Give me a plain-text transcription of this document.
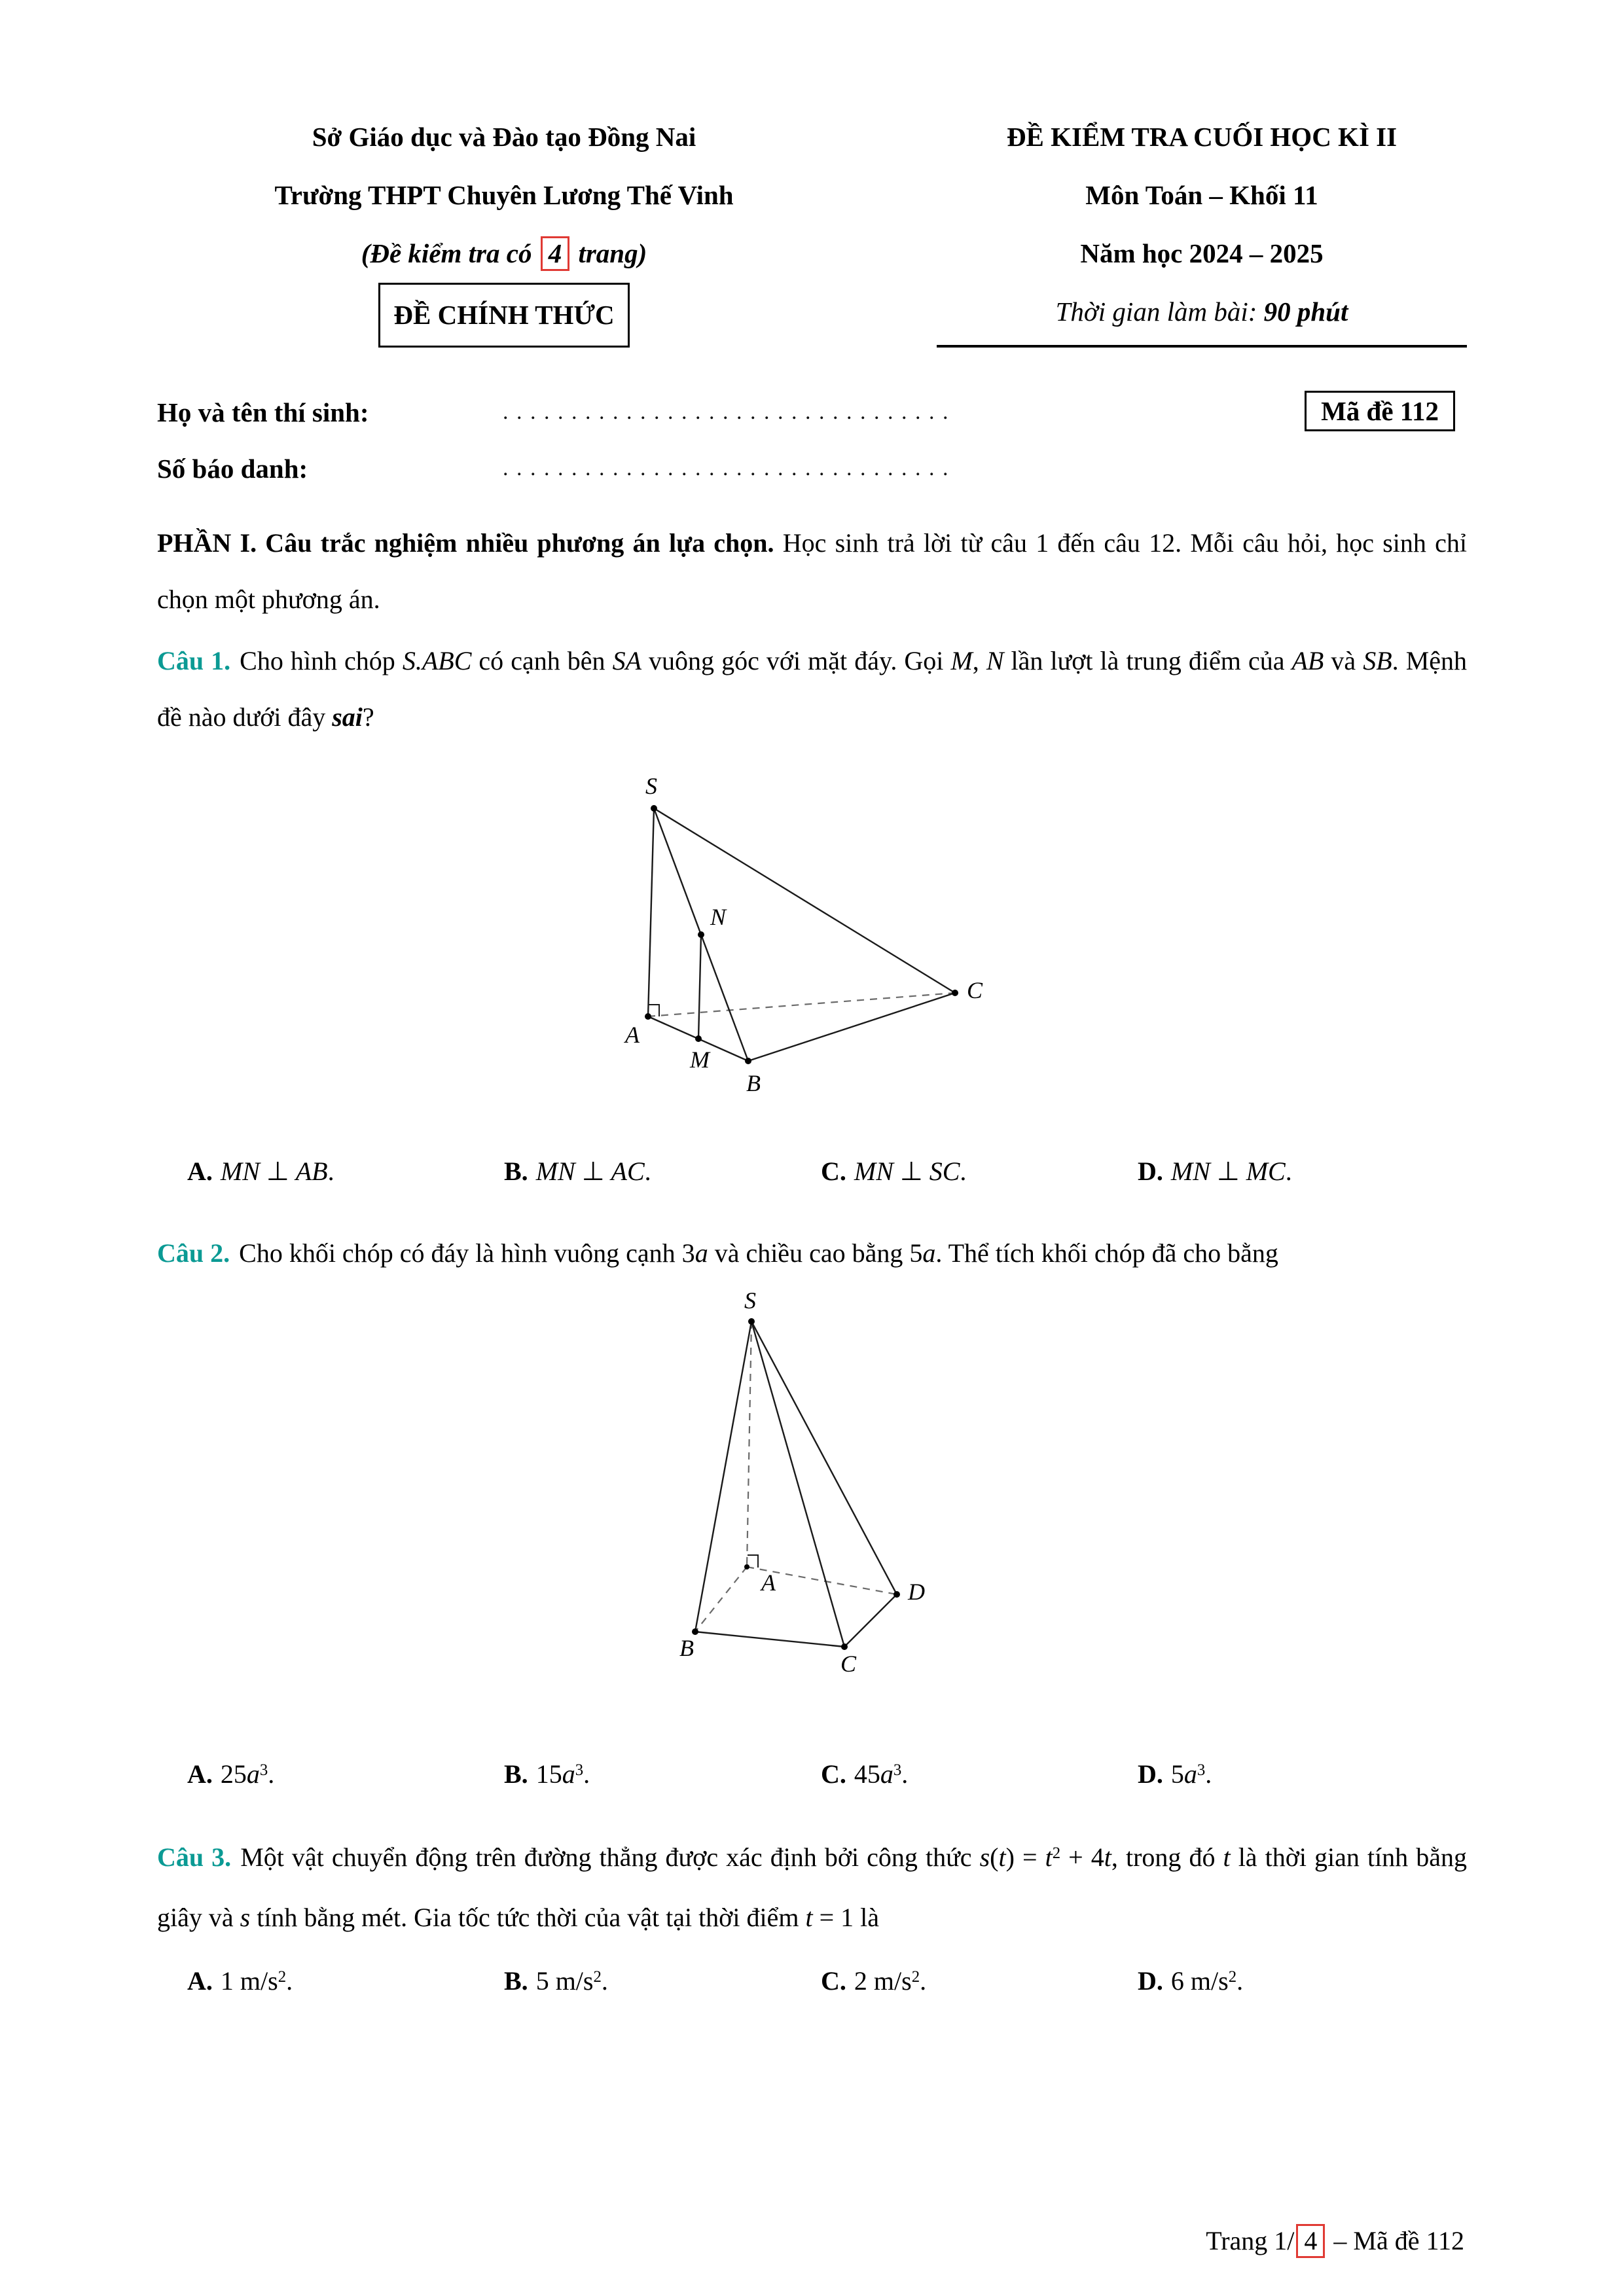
Sở Giáo dục và Đào tạo Đồng Nai
Trường THPT Chuyên Lương Thế Vinh
(Đề kiểm tra có 4 trang)
ĐỀ CHÍNH THỨC
ĐỀ KIỂM TRA CUỐI HỌC KÌ II
Môn Toán – Khối 11
Năm học 2024 – 2025
Thời gian làm bài: 90 phút
Họ và tên thí sinh:	. . . . . . . . . . . . . . . . . . . . . . . . . . . . . . . . .
Số báo danh:	. . . . . . . . . . . . . . . . . . . . . . . . . . . . . . . . .
Mã đề 112
PHẦN I. Câu trắc nghiệm nhiều phương án lựa chọn. Học sinh trả lời từ câu 1 đến câu 12. Mỗi câu hỏi, học sinh chỉ chọn một phương án.
Câu 1. Cho hình chóp S.ABC có cạnh bên SA vuông góc với mặt đáy. Gọi M, N lần lượt là trung điểm của AB và SB. Mệnh đề nào dưới đây sai?
S
A
M
B
C
N
A. MN ⊥ AB.	B. MN ⊥ AC.	C. MN ⊥ SC.	D. MN ⊥ MC.
Câu 2. Cho khối chóp có đáy là hình vuông cạnh 3a và chiều cao bằng 5a. Thể tích khối chóp đã cho bằng
S
A
B
C
D
A. $25a^3$.	B. $15a^3$.	C. $45a^3$.	D. $5a^3$.
Câu 3. Một vật chuyển động trên đường thẳng được xác định bởi công thức $s(t) = t^2 + 4t$, trong đó t là thời gian tính bằng giây và s tính bằng mét. Gia tốc tức thời của vật tại thời điểm t = 1 là
A. 1 $m/s^2$.	B. 5 $m/s^2$.	C. 2 $m/s^2$.	D. 6 $m/s^2$.
Trang 1/ 4 – Mã đề 112
